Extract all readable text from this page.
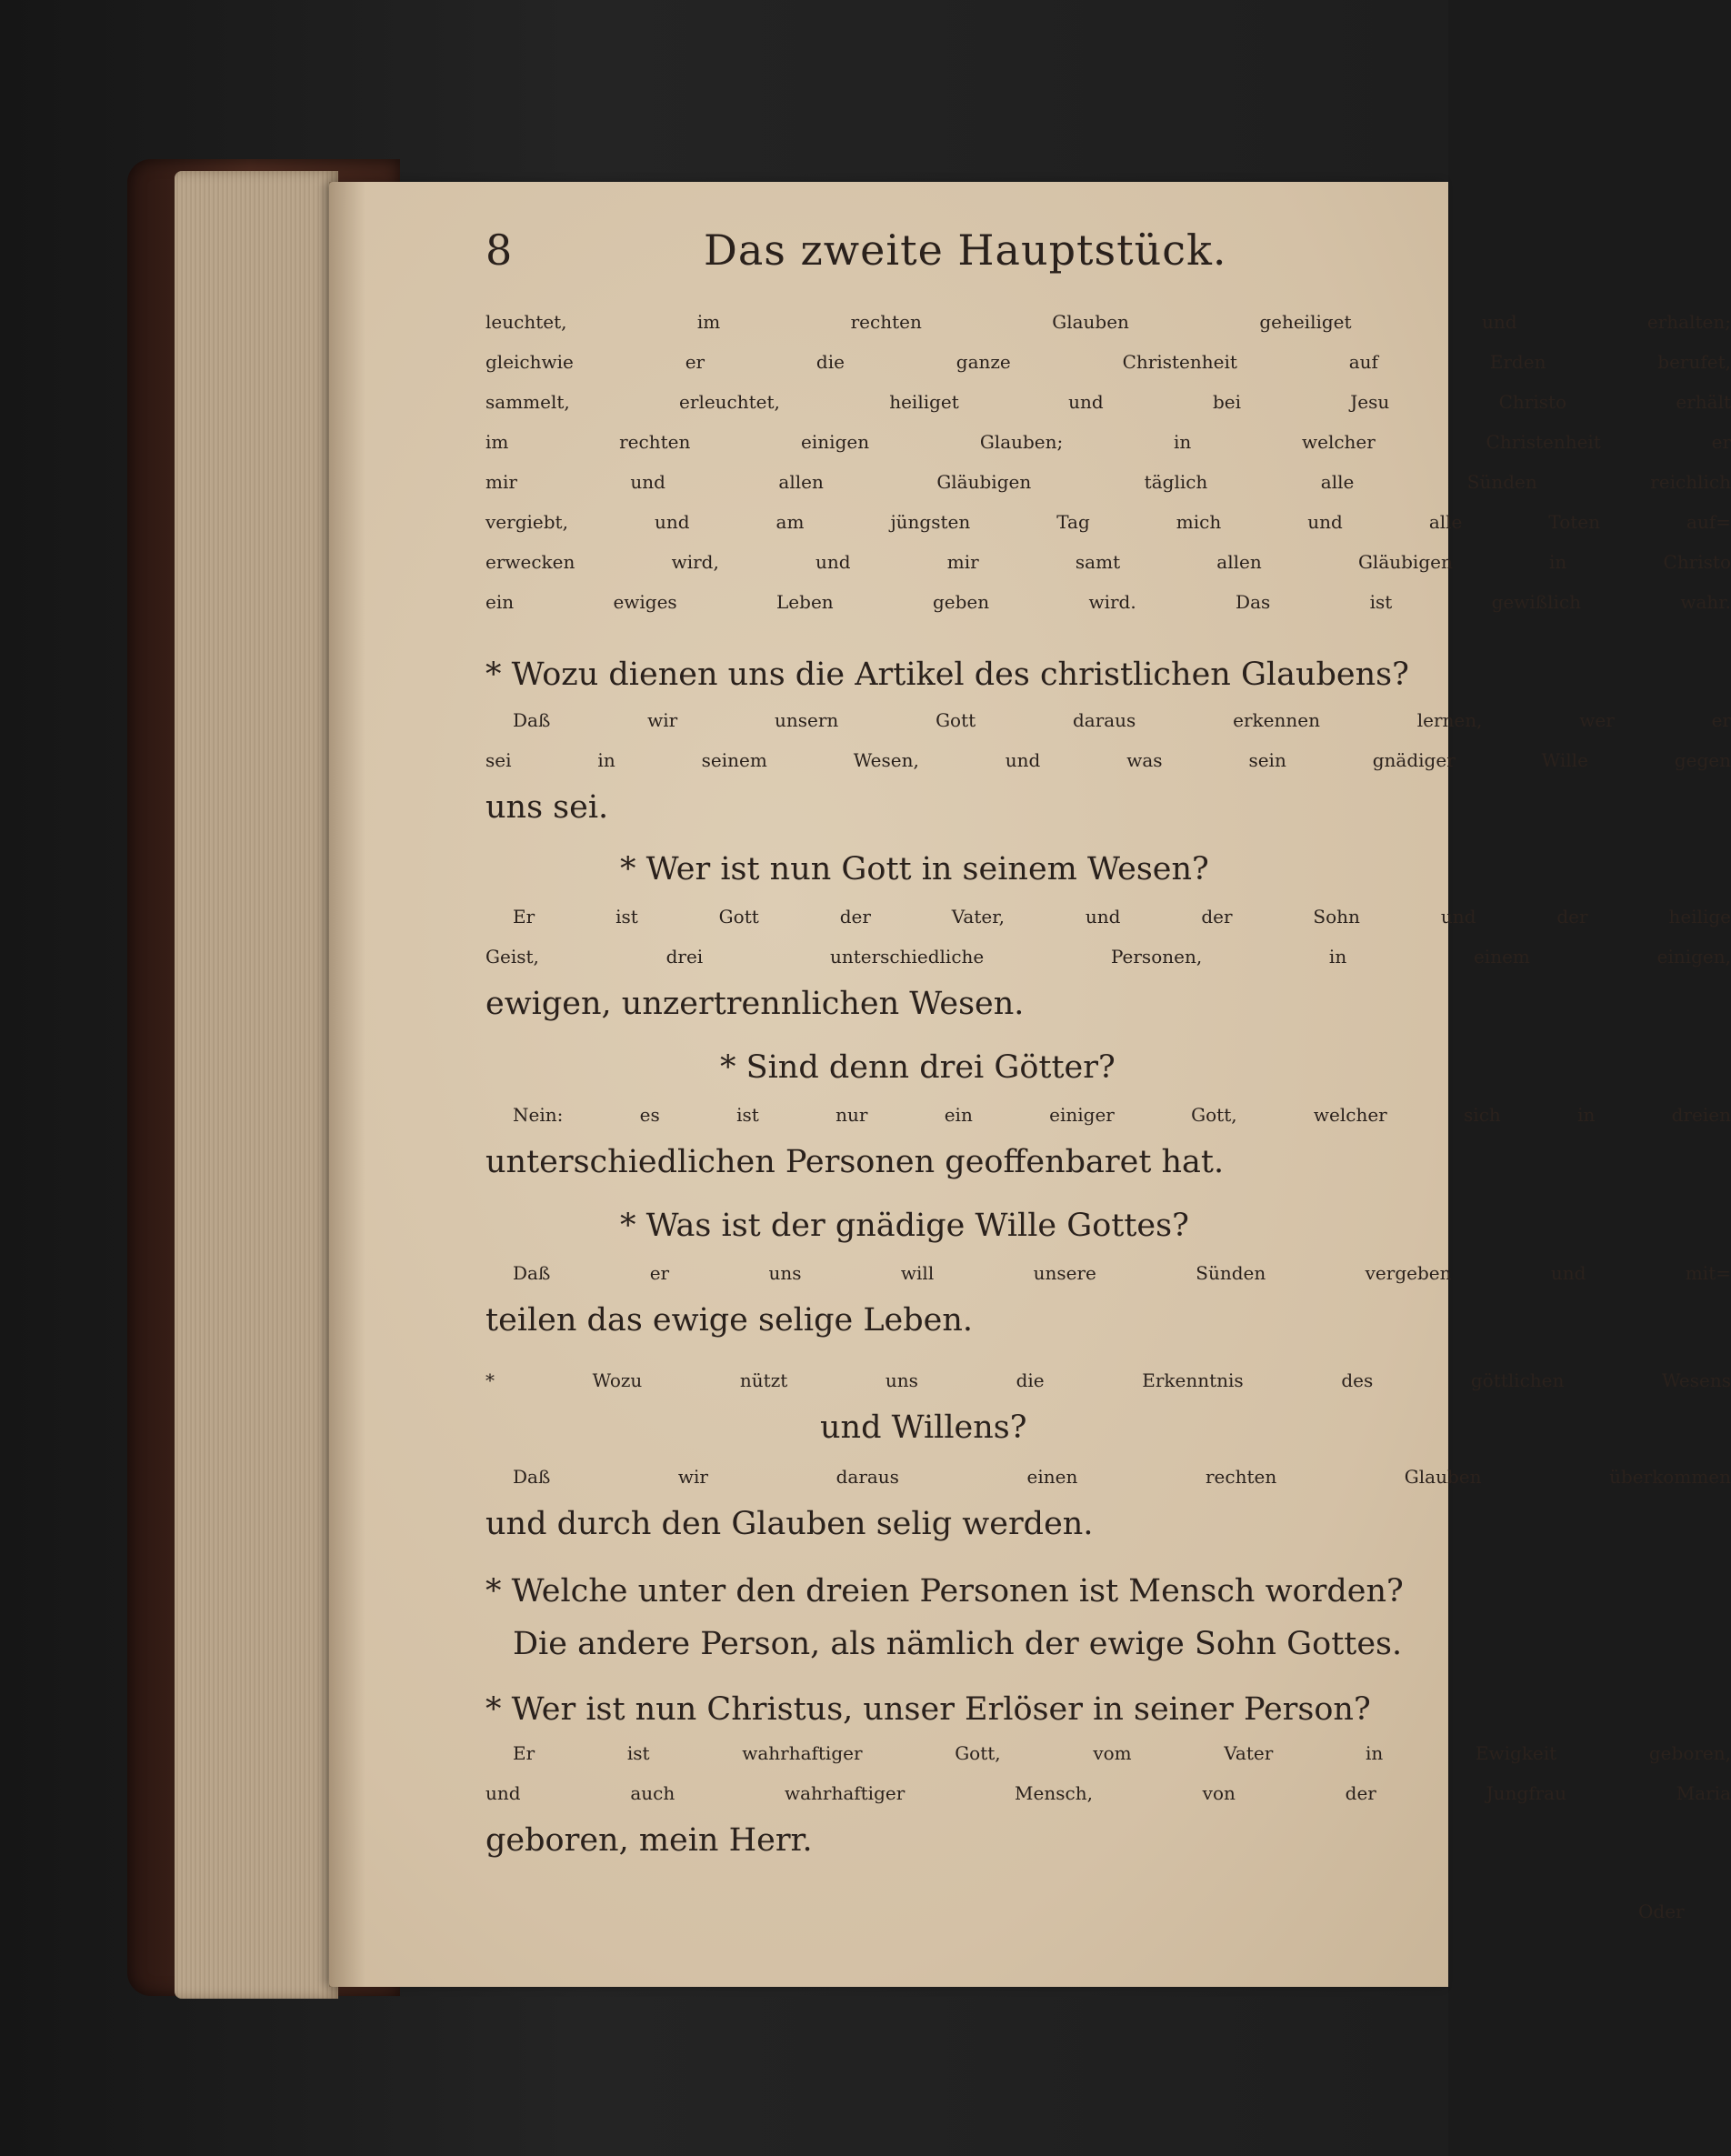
8	Das zweite Hauptstück.
leuchtet, im rechten Glauben geheiliget und erhalten;
gleichwie er die ganze Christenheit auf Erden berufet,
sammelt, erleuchtet, heiliget und bei Jesu Christo erhält
im rechten einigen Glauben; in welcher Christenheit er
mir und allen Gläubigen täglich alle Sünden reichlich
vergiebt, und am jüngsten Tag mich und alle Toten auf=
erwecken wird, und mir samt allen Gläubigen in Christo
ein ewiges Leben geben wird. Das ist gewißlich wahr.
* Wozu dienen uns die Artikel des christlichen Glaubens?
Daß wir unsern Gott daraus erkennen lernen, wer er
sei in seinem Wesen, und was sein gnädiger Wille gegen
uns sei.
* Wer ist nun Gott in seinem Wesen?
Er ist Gott der Vater, und der Sohn und der heilige
Geist, drei unterschiedliche Personen, in einem einigen,
ewigen, unzertrennlichen Wesen.
* Sind denn drei Götter?
Nein: es ist nur ein einiger Gott, welcher sich in dreien
unterschiedlichen Personen geoffenbaret hat.
* Was ist der gnädige Wille Gottes?
Daß er uns will unsere Sünden vergeben und mit=
teilen das ewige selige Leben.
* Wozu nützt uns die Erkenntnis des göttlichen Wesens
und Willens?
Daß wir daraus einen rechten Glauben überkommen
und durch den Glauben selig werden.
* Welche unter den dreien Personen ist Mensch worden?
Die andere Person, als nämlich der ewige Sohn Gottes.
* Wer ist nun Christus, unser Erlöser in seiner Person?
Er ist wahrhaftiger Gott, vom Vater in Ewigkeit geboren,
und auch wahrhaftiger Mensch, von der Jungfrau Maria
geboren, mein Herr.
Oder
